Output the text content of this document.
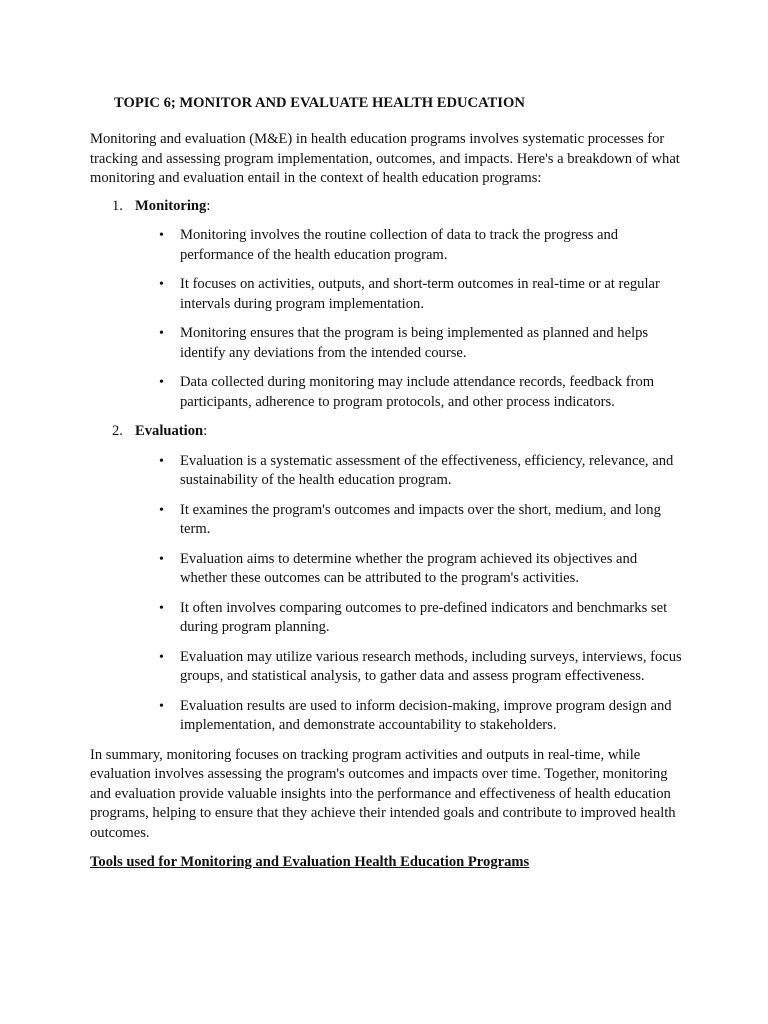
TOPIC 6; MONITOR AND EVALUATE HEALTH EDUCATION

Monitoring and evaluation (M&E) in health education programs involves systematic processes for tracking and assessing program implementation, outcomes, and impacts. Here's a breakdown of what monitoring and evaluation entail in the context of health education programs:

1. Monitoring:
• Monitoring involves the routine collection of data to track the progress and performance of the health education program.
• It focuses on activities, outputs, and short-term outcomes in real-time or at regular intervals during program implementation.
• Monitoring ensures that the program is being implemented as planned and helps identify any deviations from the intended course.
• Data collected during monitoring may include attendance records, feedback from participants, adherence to program protocols, and other process indicators.
2. Evaluation:
• Evaluation is a systematic assessment of the effectiveness, efficiency, relevance, and sustainability of the health education program.
• It examines the program's outcomes and impacts over the short, medium, and long term.
• Evaluation aims to determine whether the program achieved its objectives and whether these outcomes can be attributed to the program's activities.
• It often involves comparing outcomes to pre-defined indicators and benchmarks set during program planning.
• Evaluation may utilize various research methods, including surveys, interviews, focus groups, and statistical analysis, to gather data and assess program effectiveness.
• Evaluation results are used to inform decision-making, improve program design and implementation, and demonstrate accountability to stakeholders.

In summary, monitoring focuses on tracking program activities and outputs in real-time, while evaluation involves assessing the program's outcomes and impacts over time. Together, monitoring and evaluation provide valuable insights into the performance and effectiveness of health education programs, helping to ensure that they achieve their intended goals and contribute to improved health outcomes.

Tools used for Monitoring and Evaluation Health Education Programs
